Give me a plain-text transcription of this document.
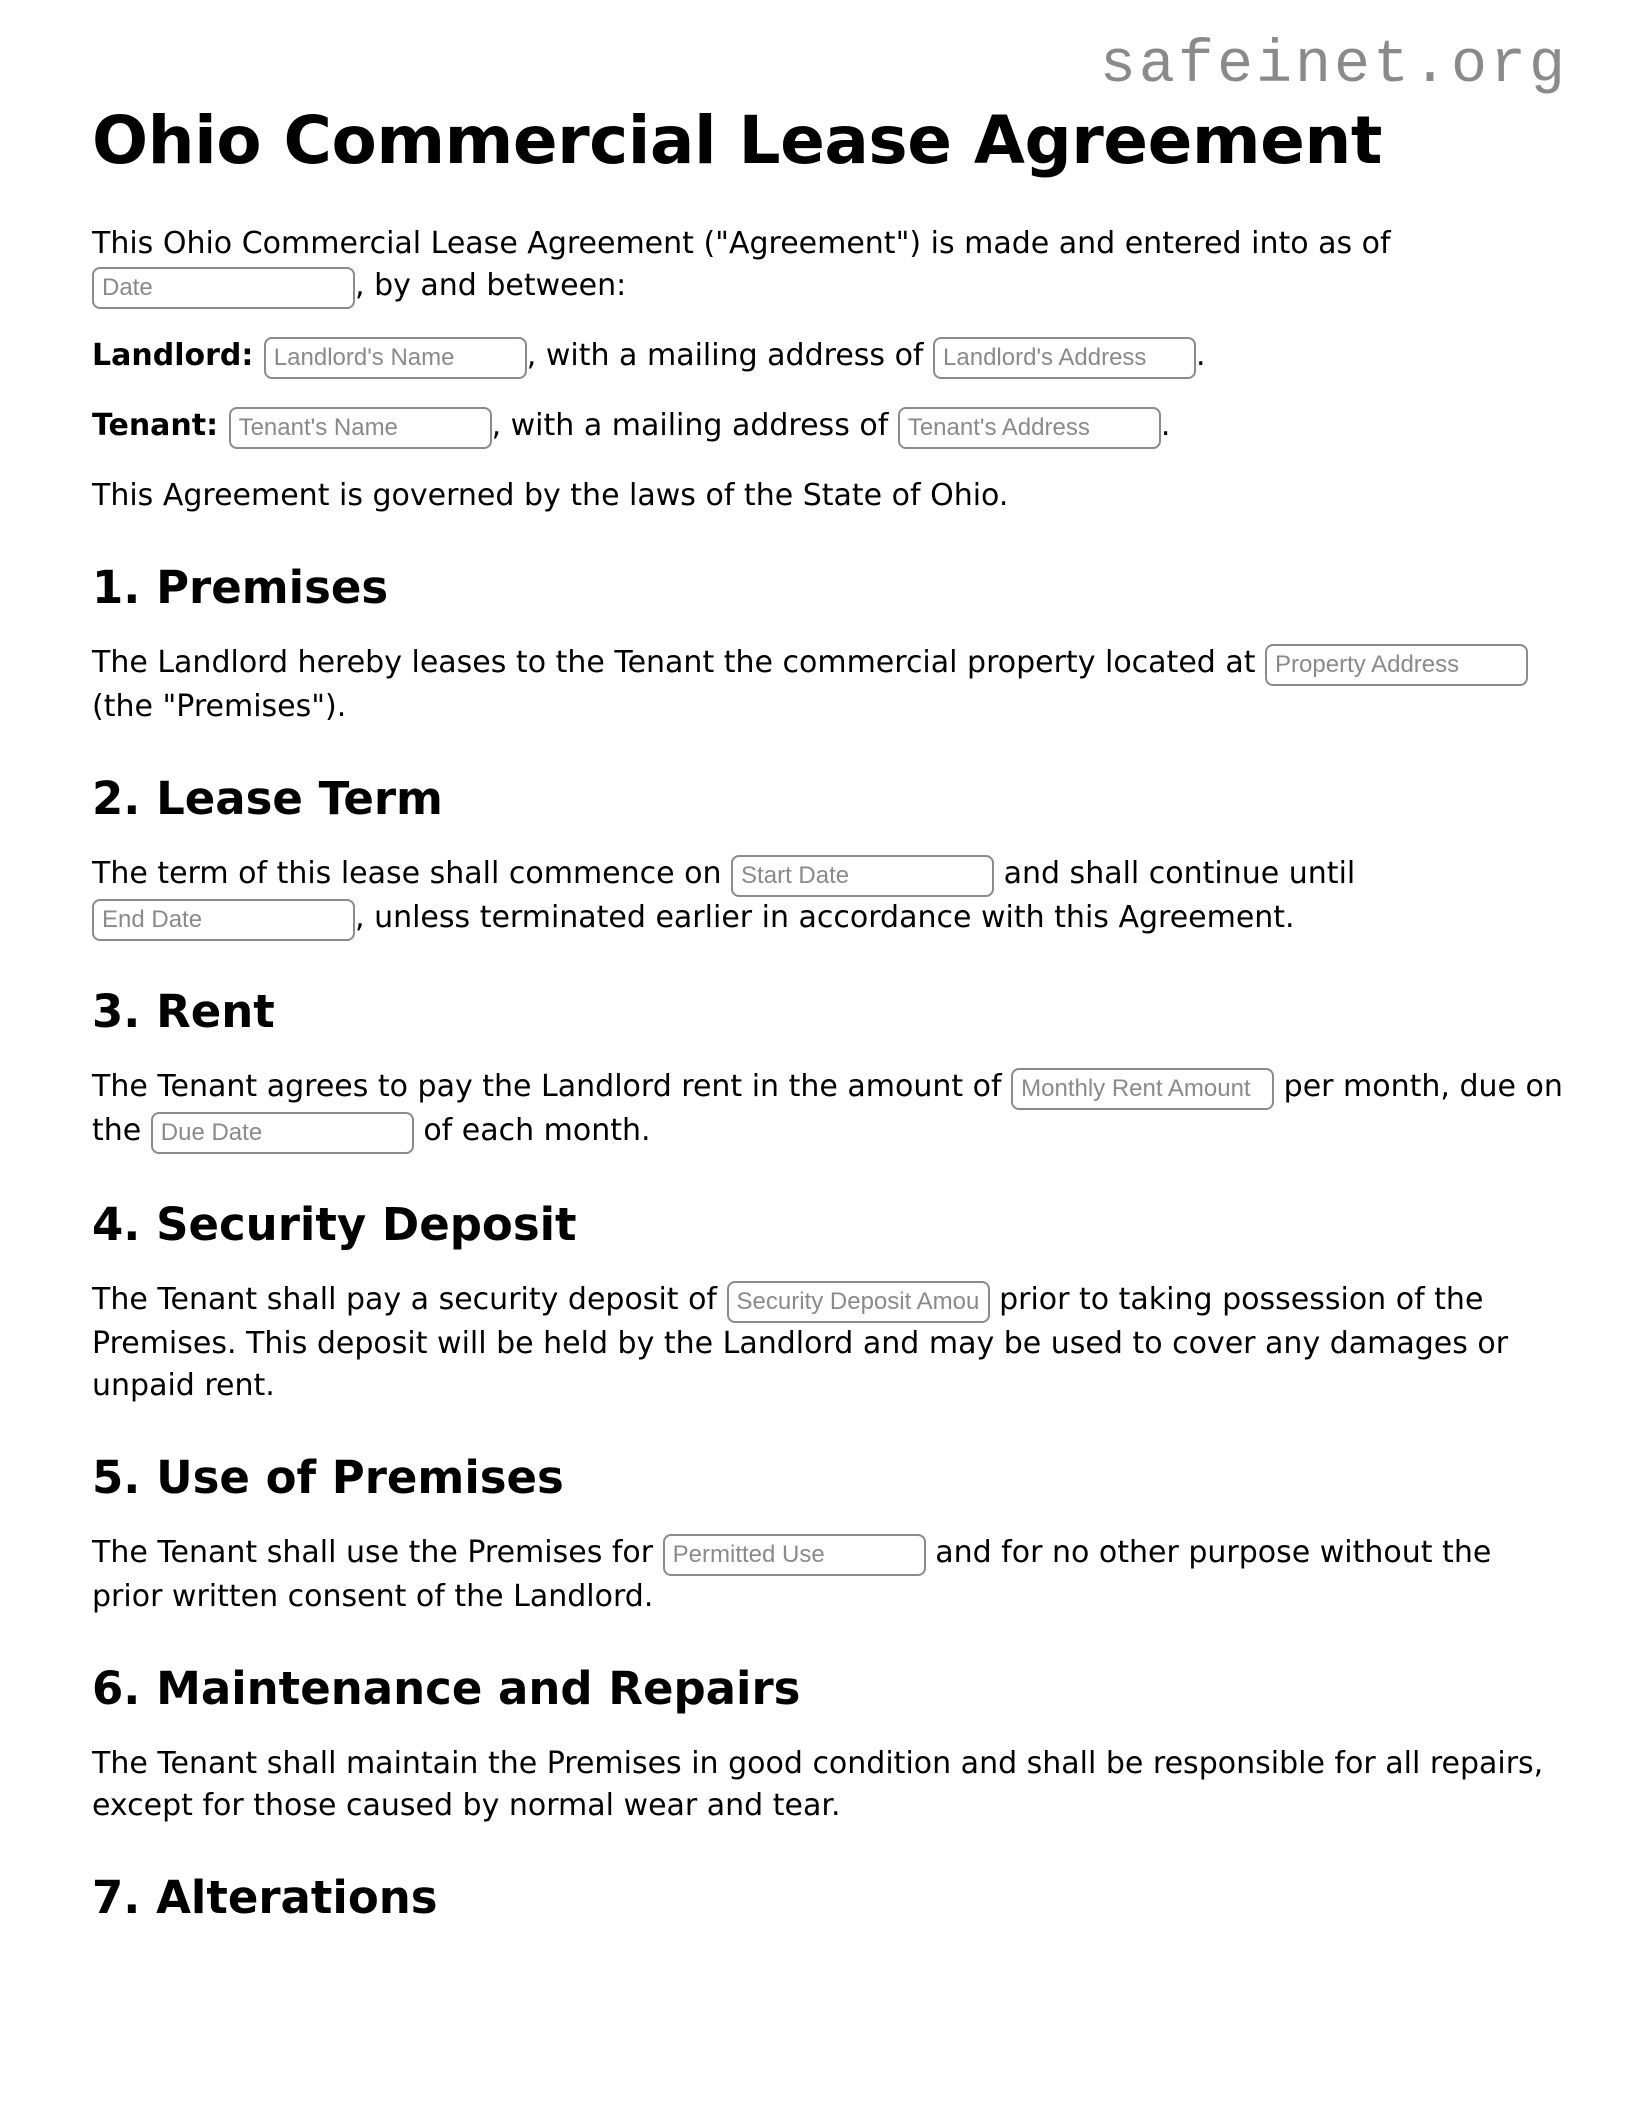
safeinet.org
Ohio Commercial Lease Agreement

This Ohio Commercial Lease Agreement ("Agreement") is made and entered into as of Date, by and between:

Landlord: Landlord's Name	, with a mailing address of Landlord's Address	.

Tenant: Tenant's Name	, with a mailing address of Tenant's Address	.

This Agreement is governed by the laws of the State of Ohio.

1. Premises

The Landlord hereby leases to the Tenant the commercial property located at Property Address (the "Premises").

2. Lease Term

The term of this lease shall commence on Start Date	and shall continue until End Date, unless terminated earlier in accordance with this Agreement.

3. Rent

The Tenant agrees to pay the Landlord rent in the amount of Monthly Rent Amount	per month, due on the Due Date	of each month.

4. Security Deposit

The Tenant shall pay a security deposit of Security Deposit Amount	prior to taking possession of the Premises. This deposit will be held by the Landlord and may be used to cover any damages or unpaid rent.

5. Use of Premises

The Tenant shall use the Premises for Permitted Use	and for no other purpose without the prior written consent of the Landlord.

6. Maintenance and Repairs

The Tenant shall maintain the Premises in good condition and shall be responsible for all repairs, except for those caused by normal wear and tear.

7. Alterations
